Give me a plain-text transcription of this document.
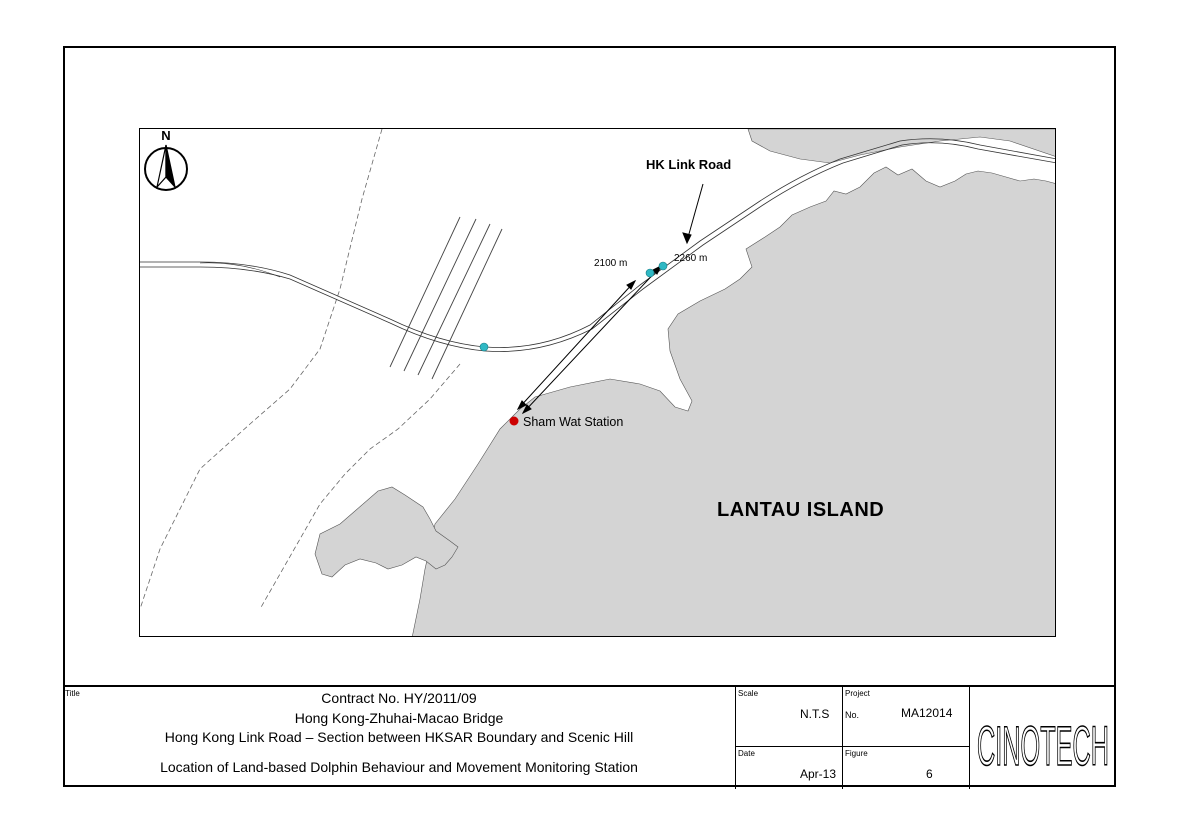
N
HK Link Road
2100 m	2260 m
Sham Wat Station
LANTAU ISLAND
Title	Contract No. HY/2011/09
Hong Kong-Zhuhai-Macao Bridge
Hong Kong Link Road – Section between HKSAR Boundary and Scenic Hill
Location of Land-based Dolphin Behaviour and Movement Monitoring Station
Scale
N.T.S
Project
No.	MA12014
Date
Apr-13
Figure
6 CINOTECH
